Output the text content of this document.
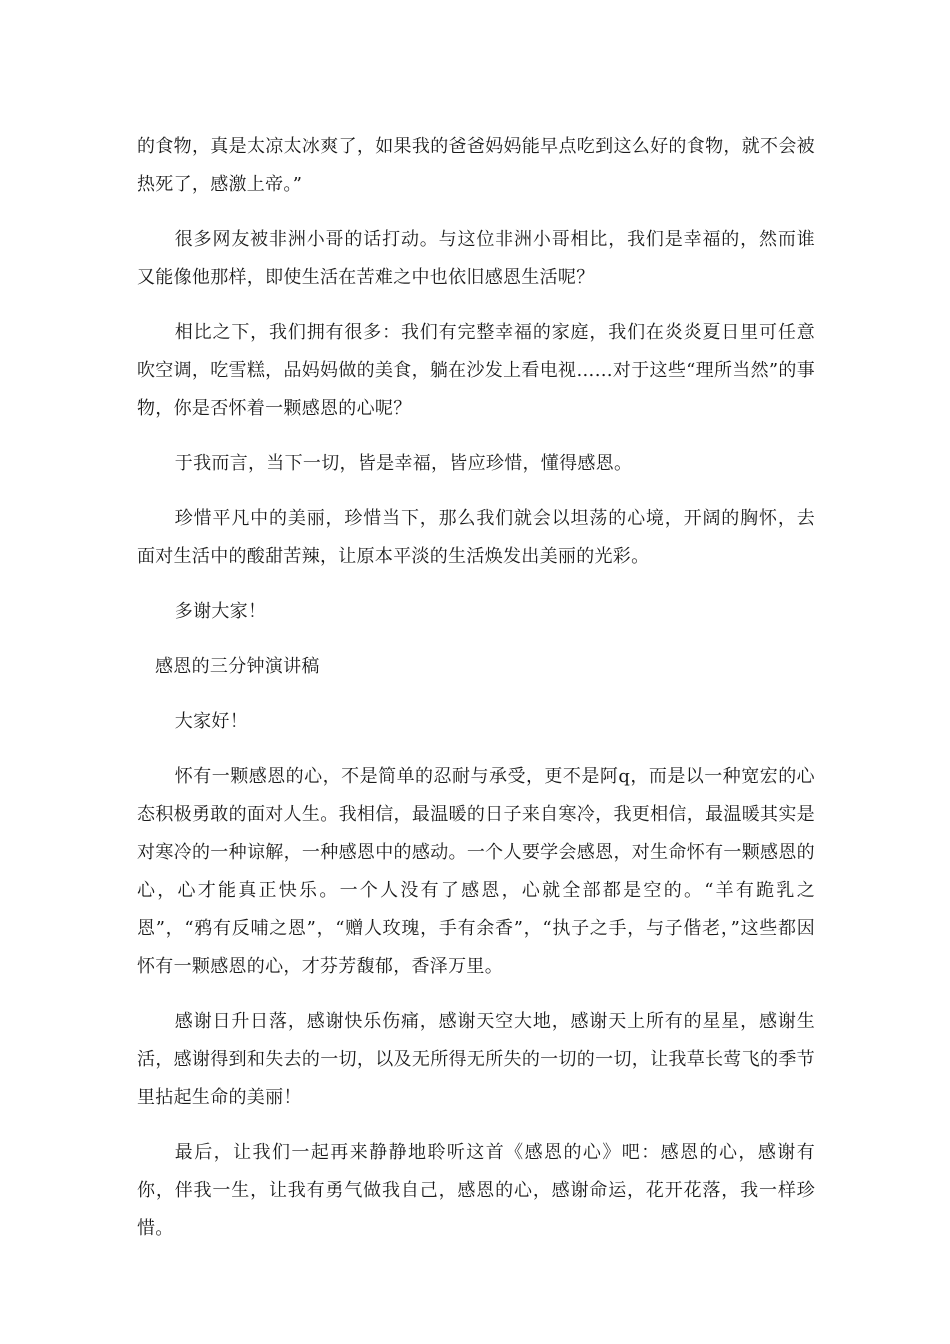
的食物，真是太凉太冰爽了，如果我的爸爸妈妈能早点吃到这么好的食物，就不会被热死了，感激上帝。”

很多网友被非洲小哥的话打动。与这位非洲小哥相比，我们是幸福的，然而谁又能像他那样，即使生活在苦难之中也依旧感恩生活呢？

相比之下，我们拥有很多：我们有完整幸福的家庭，我们在炎炎夏日里可任意吹空调，吃雪糕，品妈妈做的美食，躺在沙发上看电视……对于这些“理所当然”的事物，你是否怀着一颗感恩的心呢？

于我而言，当下一切，皆是幸福，皆应珍惜，懂得感恩。

珍惜平凡中的美丽，珍惜当下，那么我们就会以坦荡的心境，开阔的胸怀，去面对生活中的酸甜苦辣，让原本平淡的生活焕发出美丽的光彩。

多谢大家！

感恩的三分钟演讲稿

大家好！

怀有一颗感恩的心，不是简单的忍耐与承受，更不是阿q，而是以一种宽宏的心态积极勇敢的面对人生。我相信，最温暖的日子来自寒冷，我更相信，最温暖其实是对寒冷的一种谅解，一种感恩中的感动。一个人要学会感恩，对生命怀有一颗感恩的心，心才能真正快乐。一个人没有了感恩，心就全部都是空的。“羊有跪乳之恩”，“鸦有反哺之恩”，“赠人玫瑰，手有余香”，“执子之手，与子偕老，”这些都因怀有一颗感恩的心，才芬芳馥郁，香泽万里。

感谢日升日落，感谢快乐伤痛，感谢天空大地，感谢天上所有的星星，感谢生活，感谢得到和失去的一切，以及无所得无所失的一切的一切，让我草长莺飞的季节里拈起生命的美丽！

最后，让我们一起再来静静地聆听这首《感恩的心》吧：感恩的心，感谢有你，伴我一生，让我有勇气做我自己，感恩的心，感谢命运，花开花落，我一样珍惜。
